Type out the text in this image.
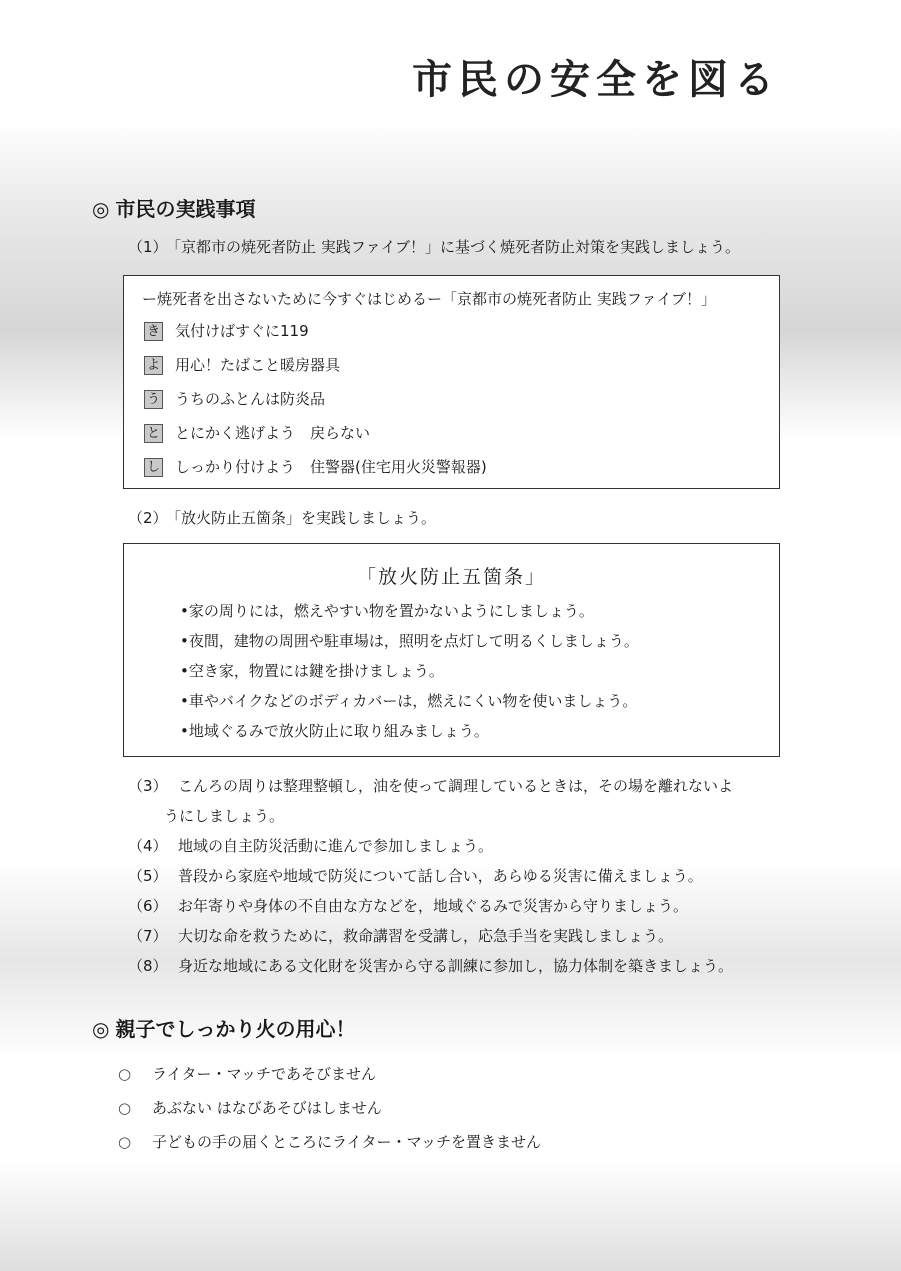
市民の安全を図る
◎ 市民の実践事項
（1）「京都市の焼死者防止 実践ファイブ！」に基づく焼死者防止対策を実践しましょう。
ー焼死者を出さないために今すぐはじめるー「京都市の焼死者防止 実践ファイブ！」
き 気付けばすぐに119
よ 用心！たばこと暖房器具
う うちのふとんは防炎品
と とにかく逃げよう　戻らない
し しっかり付けよう　住警器(住宅用火災警報器)
（2）「放火防止五箇条」を実践しましょう。
「放火防止五箇条」
•家の周りには，燃えやすい物を置かないようにしましょう。
•夜間，建物の周囲や駐車場は，照明を点灯して明るくしましょう。
•空き家，物置には鍵を掛けましょう。
•車やバイクなどのボディカバーは，燃えにくい物を使いましょう。
•地域ぐるみで放火防止に取り組みましょう。
（3） こんろの周りは整理整頓し，油を使って調理しているときは，その場を離れないよ
うにしましょう。
（4） 地域の自主防災活動に進んで参加しましょう。
（5） 普段から家庭や地域で防災について話し合い，あらゆる災害に備えましょう。
（6） お年寄りや身体の不自由な方などを，地域ぐるみで災害から守りましょう。
（7） 大切な命を救うために，救命講習を受講し，応急手当を実践しましょう。
（8） 身近な地域にある文化財を災害から守る訓練に参加し，協力体制を築きましょう。
◎ 親子でしっかり火の用心！
○ ライター・マッチであそびません
○ あぶない はなびあそびはしません
○ 子どもの手の届くところにライター・マッチを置きません
